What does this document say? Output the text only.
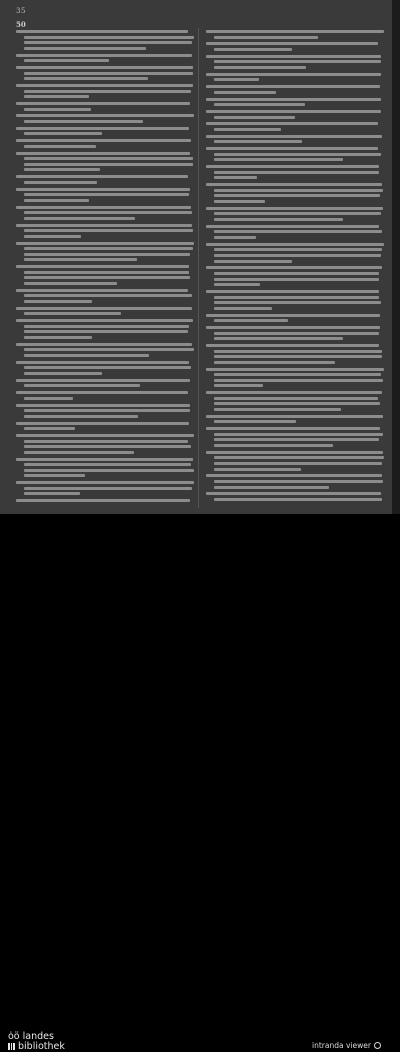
35
50
ȯö landes
bibliothek	intranda viewer
